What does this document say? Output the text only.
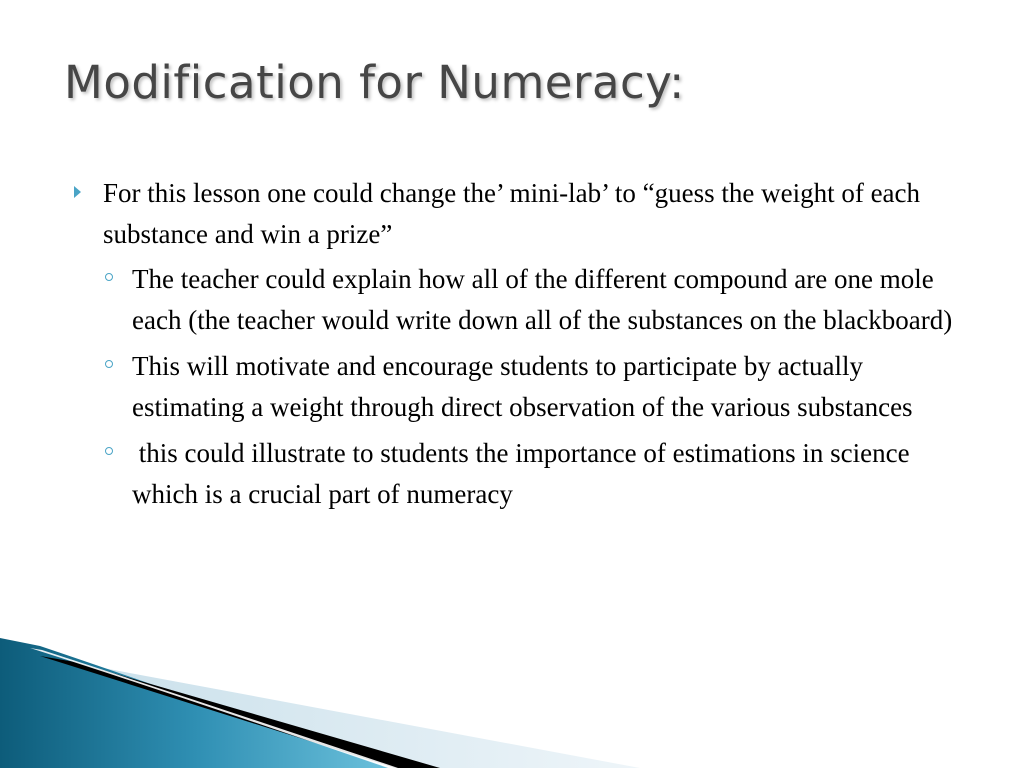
Modification for Numeracy:
For this lesson one could change the’ mini-lab’ to “guess the weight of each substance and win a prize”
The teacher could explain how all of the different compound are one mole each (the teacher would write down all of the substances on the blackboard)
This will motivate and encourage students to participate by actually estimating a weight through direct observation of the various substances
this could illustrate to students the importance of estimations in science which is a crucial part of numeracy
